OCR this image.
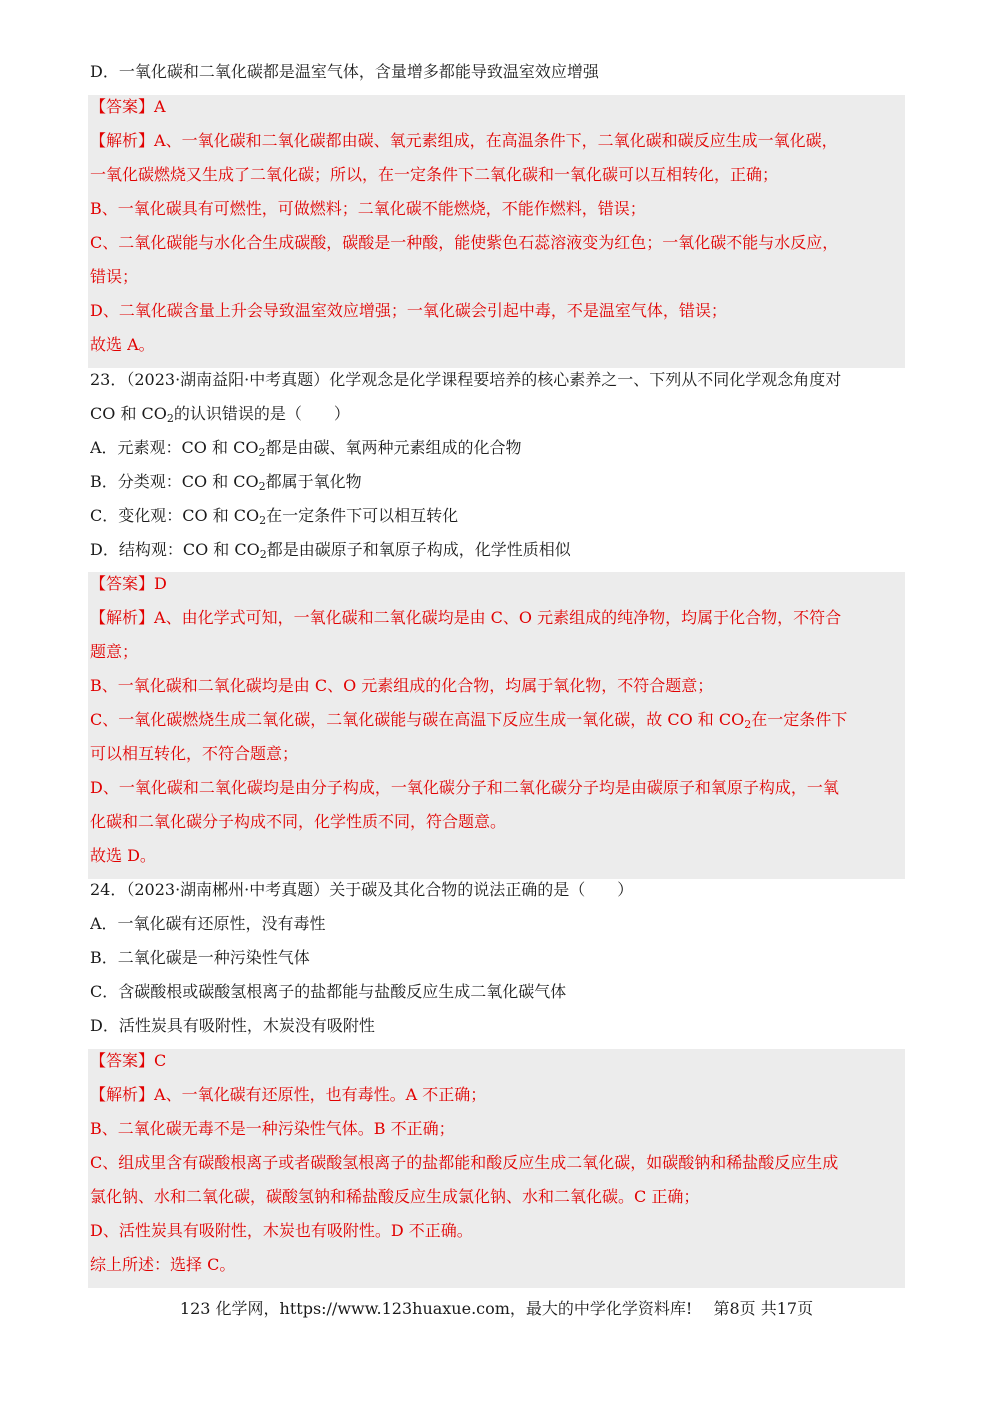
D．一氧化碳和二氧化碳都是温室气体，含量增多都能导致温室效应增强
【答案】A
【解析】A、一氧化碳和二氧化碳都由碳、氧元素组成，在高温条件下，二氧化碳和碳反应生成一氧化碳，
一氧化碳燃烧又生成了二氧化碳；所以，在一定条件下二氧化碳和一氧化碳可以互相转化，正确；
B、一氧化碳具有可燃性，可做燃料；二氧化碳不能燃烧，不能作燃料，错误；
C、二氧化碳能与水化合生成碳酸，碳酸是一种酸，能使紫色石蕊溶液变为红色；一氧化碳不能与水反应，
错误；
D、二氧化碳含量上升会导致温室效应增强；一氧化碳会引起中毒，不是温室气体，错误；
故选 A。
23．（2023·湖南益阳·中考真题）化学观念是化学课程要培养的核心素养之一、下列从不同化学观念角度对
CO 和 $CO_2$的认识错误的是（　　）
A．元素观：CO 和 $CO_2$都是由碳、氧两种元素组成的化合物
B．分类观：CO 和 $CO_2$都属于氧化物
C．变化观：CO 和 $CO_2$在一定条件下可以相互转化
D．结构观：CO 和 $CO_2$都是由碳原子和氧原子构成，化学性质相似
【答案】D
【解析】A、由化学式可知，一氧化碳和二氧化碳均是由 C、O 元素组成的纯净物，均属于化合物，不符合
题意；
B、一氧化碳和二氧化碳均是由 C、O 元素组成的化合物，均属于氧化物，不符合题意；
C、一氧化碳燃烧生成二氧化碳，二氧化碳能与碳在高温下反应生成一氧化碳，故 CO 和 $CO_2$在一定条件下
可以相互转化，不符合题意；
D、一氧化碳和二氧化碳均是由分子构成，一氧化碳分子和二氧化碳分子均是由碳原子和氧原子构成，一氧
化碳和二氧化碳分子构成不同，化学性质不同，符合题意。
故选 D。
24．（2023·湖南郴州·中考真题）关于碳及其化合物的说法正确的是（　　）
A．一氧化碳有还原性，没有毒性
B．二氧化碳是一种污染性气体
C．含碳酸根或碳酸氢根离子的盐都能与盐酸反应生成二氧化碳气体
D．活性炭具有吸附性，木炭没有吸附性
【答案】C
【解析】A、一氧化碳有还原性，也有毒性。A 不正确；
B、二氧化碳无毒不是一种污染性气体。B 不正确；
C、组成里含有碳酸根离子或者碳酸氢根离子的盐都能和酸反应生成二氧化碳，如碳酸钠和稀盐酸反应生成
氯化钠、水和二氧化碳，碳酸氢钠和稀盐酸反应生成氯化钠、水和二氧化碳。C 正确；
D、活性炭具有吸附性，木炭也有吸附性。D 不正确。
综上所述：选择 C。
123 化学网，https://www.123huaxue.com，最大的中学化学资料库!　 第8页 共17页
